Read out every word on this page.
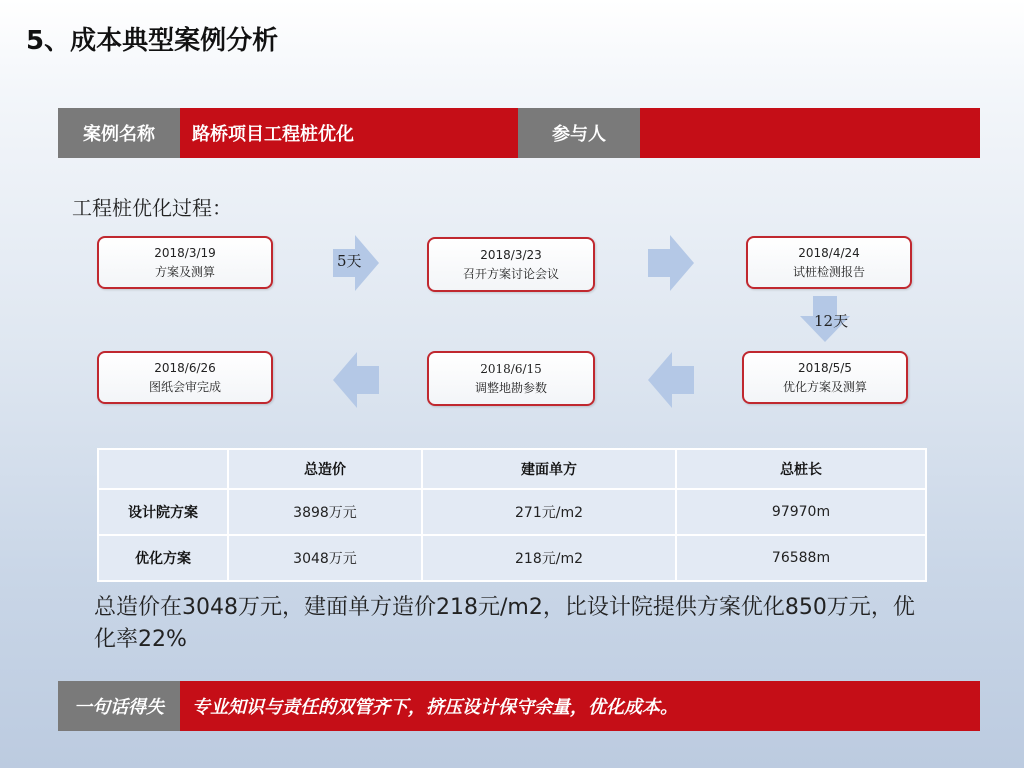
5、成本典型案例分析
案例名称	路桥项目工程桩优化	参与人
工程桩优化过程：
2018/3/19
方案及测算
2018/3/23
召开方案讨论会议
2018/4/24
试桩检测报告
2018/5/5
优化方案及测算
2018/6/15
调整地勘参数
2018/6/26
图纸会审完成
5天
12天
	总造价	建面单方	总桩长
设计院方案	3898万元	271元/m2	97970m
优化方案	3048万元	218元/m2	76588m
总造价在3048万元，建面单方造价218元/m2，比设计院提供方案优化850万元，优化率22%
一句话得失	专业知识与责任的双管齐下，挤压设计保守余量，优化成本。
